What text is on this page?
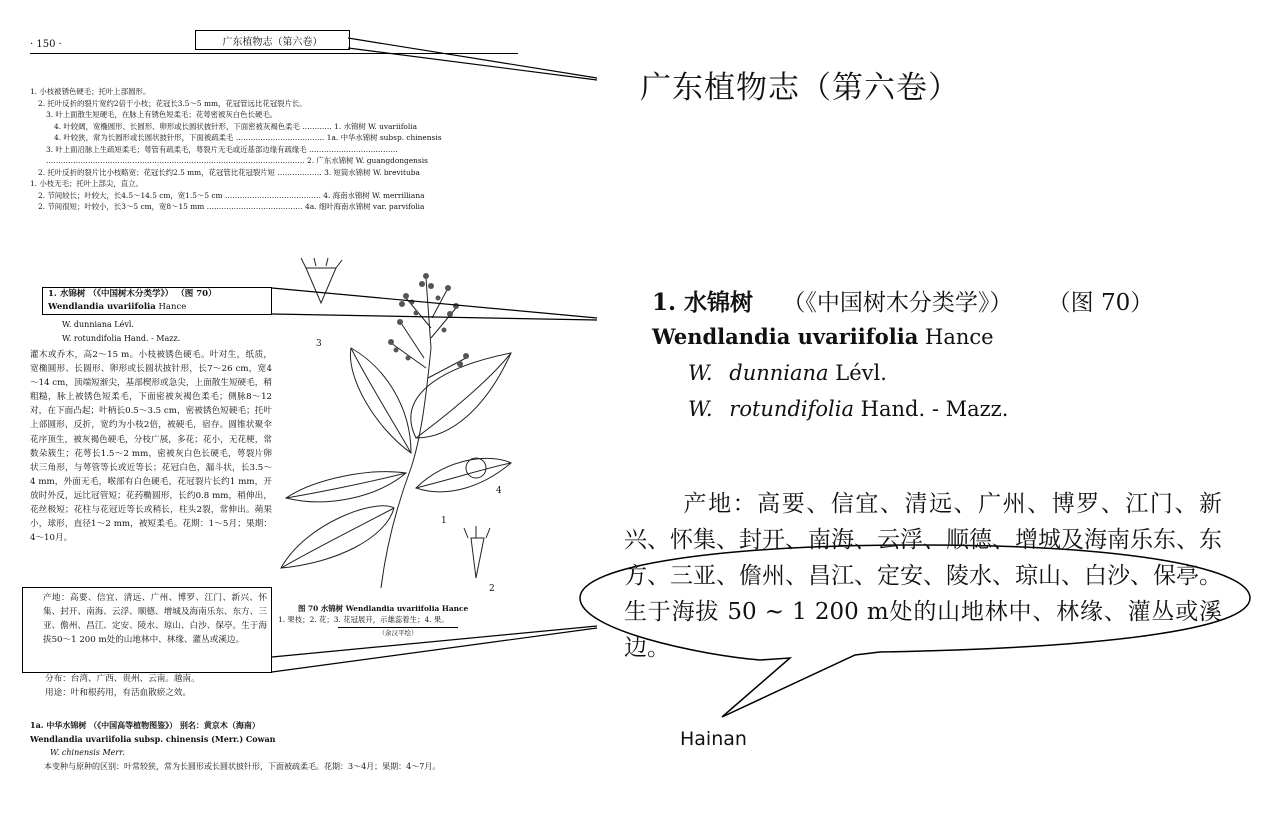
· 150 ·	广东植物志（第六卷）
1. 小枝被锈色硬毛；托叶上部圆形。
2. 托叶反折的裂片宽约2倍于小枝；花冠长3.5～5 mm，花冠管远比花冠裂片长。
3. 叶上面散生短硬毛，在脉上有锈色短柔毛；花萼密被灰白色长硬毛。
4. 叶较阔，宽椭圆形、长圆形、卵形或长圆状披针形，下面密被灰褐色柔毛 ………… 1. 水锦树 W. uvariifolia
4. 叶较狭，常为长圆形或长圆状披针形，下面被疏柔毛 ……………………………… 1a. 中华水锦树 subsp. chinensis
3. 叶上面沿脉上生疏短柔毛；萼管有疏柔毛，萼裂片无毛或近基部边缘有疏缘毛 ………………………………
…………………………………………………………………………………………… 2. 广东水锦树 W. guangdongensis
2. 托叶反折的裂片比小枝略宽；花冠长约2.5 mm，花冠管比花冠裂片短 ……………… 3. 短筒水锦树 W. brevituba
1. 小枝无毛；托叶上部尖，直立。
2. 节间较长；叶较大，长4.5～14.5 cm，宽1.5～5 cm ………………………………… 4. 海南水锦树 W. merrilliana
2. 节间很短；叶较小，长3～5 cm，宽8～15 mm ………………………………… 4a. 细叶海南水锦树 var. parvifolia
1. 水锦树 （《中国树木分类学》） （图 70）
Wendlandia uvariifolia Hance
W. dunniana Lévl.
W. rotundifolia Hand. - Mazz.
灌木或乔木，高2～15 m。小枝被锈色硬毛。叶对生，纸质，宽椭圆形、长圆形、卵形或长圆状披针形，长7～26 cm，宽4～14 cm，顶端短渐尖，基部楔形或急尖，上面散生短硬毛，稍粗糙，脉上被锈色短柔毛，下面密被灰褐色柔毛；侧脉8～12对，在下面凸起；叶柄长0.5～3.5 cm，密被锈色短硬毛；托叶上部圆形，反折，宽约为小枝2倍，被硬毛，宿存。圆锥状聚伞花序顶生，被灰褐色硬毛，分枝广展，多花；花小，无花梗，常数朵簇生；花萼长1.5～2 mm，密被灰白色长硬毛，萼裂片卵状三角形，与萼管等长或近等长；花冠白色，漏斗状，长3.5～4 mm，外面无毛，喉部有白色硬毛，花冠裂片长约1 mm，开放时外反，远比冠管短；花药椭圆形，长约0.8 mm，稍伸出，花丝极短；花柱与花冠近等长或稍长，柱头2裂，常伸出。蒴果小，球形，直径1～2 mm，被短柔毛。花期：1～5月；果期：4～10月。
产地：高要、信宜、清远、广州、博罗、江门、新兴、怀集、封开、南海、云浮、顺德、增城及海南乐东、东方、三亚、儋州、昌江、定安、陵水、琼山、白沙、保亭。生于海拔50～1 200 m处的山地林中、林缘、灌丛或溪边。
分布：台湾、广西、贵州、云南。越南。
用途：叶和根药用，有活血散瘀之效。
1a. 中华水锦树 （《中国高等植物图鉴》） 别名：黄京木（海南）
Wendlandia uvariifolia subsp. chinensis (Merr.) Cowan
W. chinensis Merr.
本变种与原种的区别：叶常较狭，常为长圆形或长圆状披针形，下面被疏柔毛。花期：3～4月；果期：4～7月。
3
1
4
2
图 70 水锦树 Wendlandia uvariifolia Hance
1. 果枝；2. 花；3. 花冠展开，示雄蕊着生；4. 果。
（余汉平绘）
广东植物志（第六卷）
1. 水锦树 （《中国树木分类学》） （图 70）
Wendlandia uvariifolia Hance
W. dunniana Lévl.
W. rotundifolia Hand. - Mazz.
产地：高要、信宜、清远、广州、博罗、江门、新兴、怀集、封开、南海、云浮、顺德、增城及海南乐东、东方、三亚、儋州、昌江、定安、陵水、琼山、白沙、保亭。生于海拔 50 ~ 1 200 m处的山地林中、林缘、灌丛或溪边。
Hainan
